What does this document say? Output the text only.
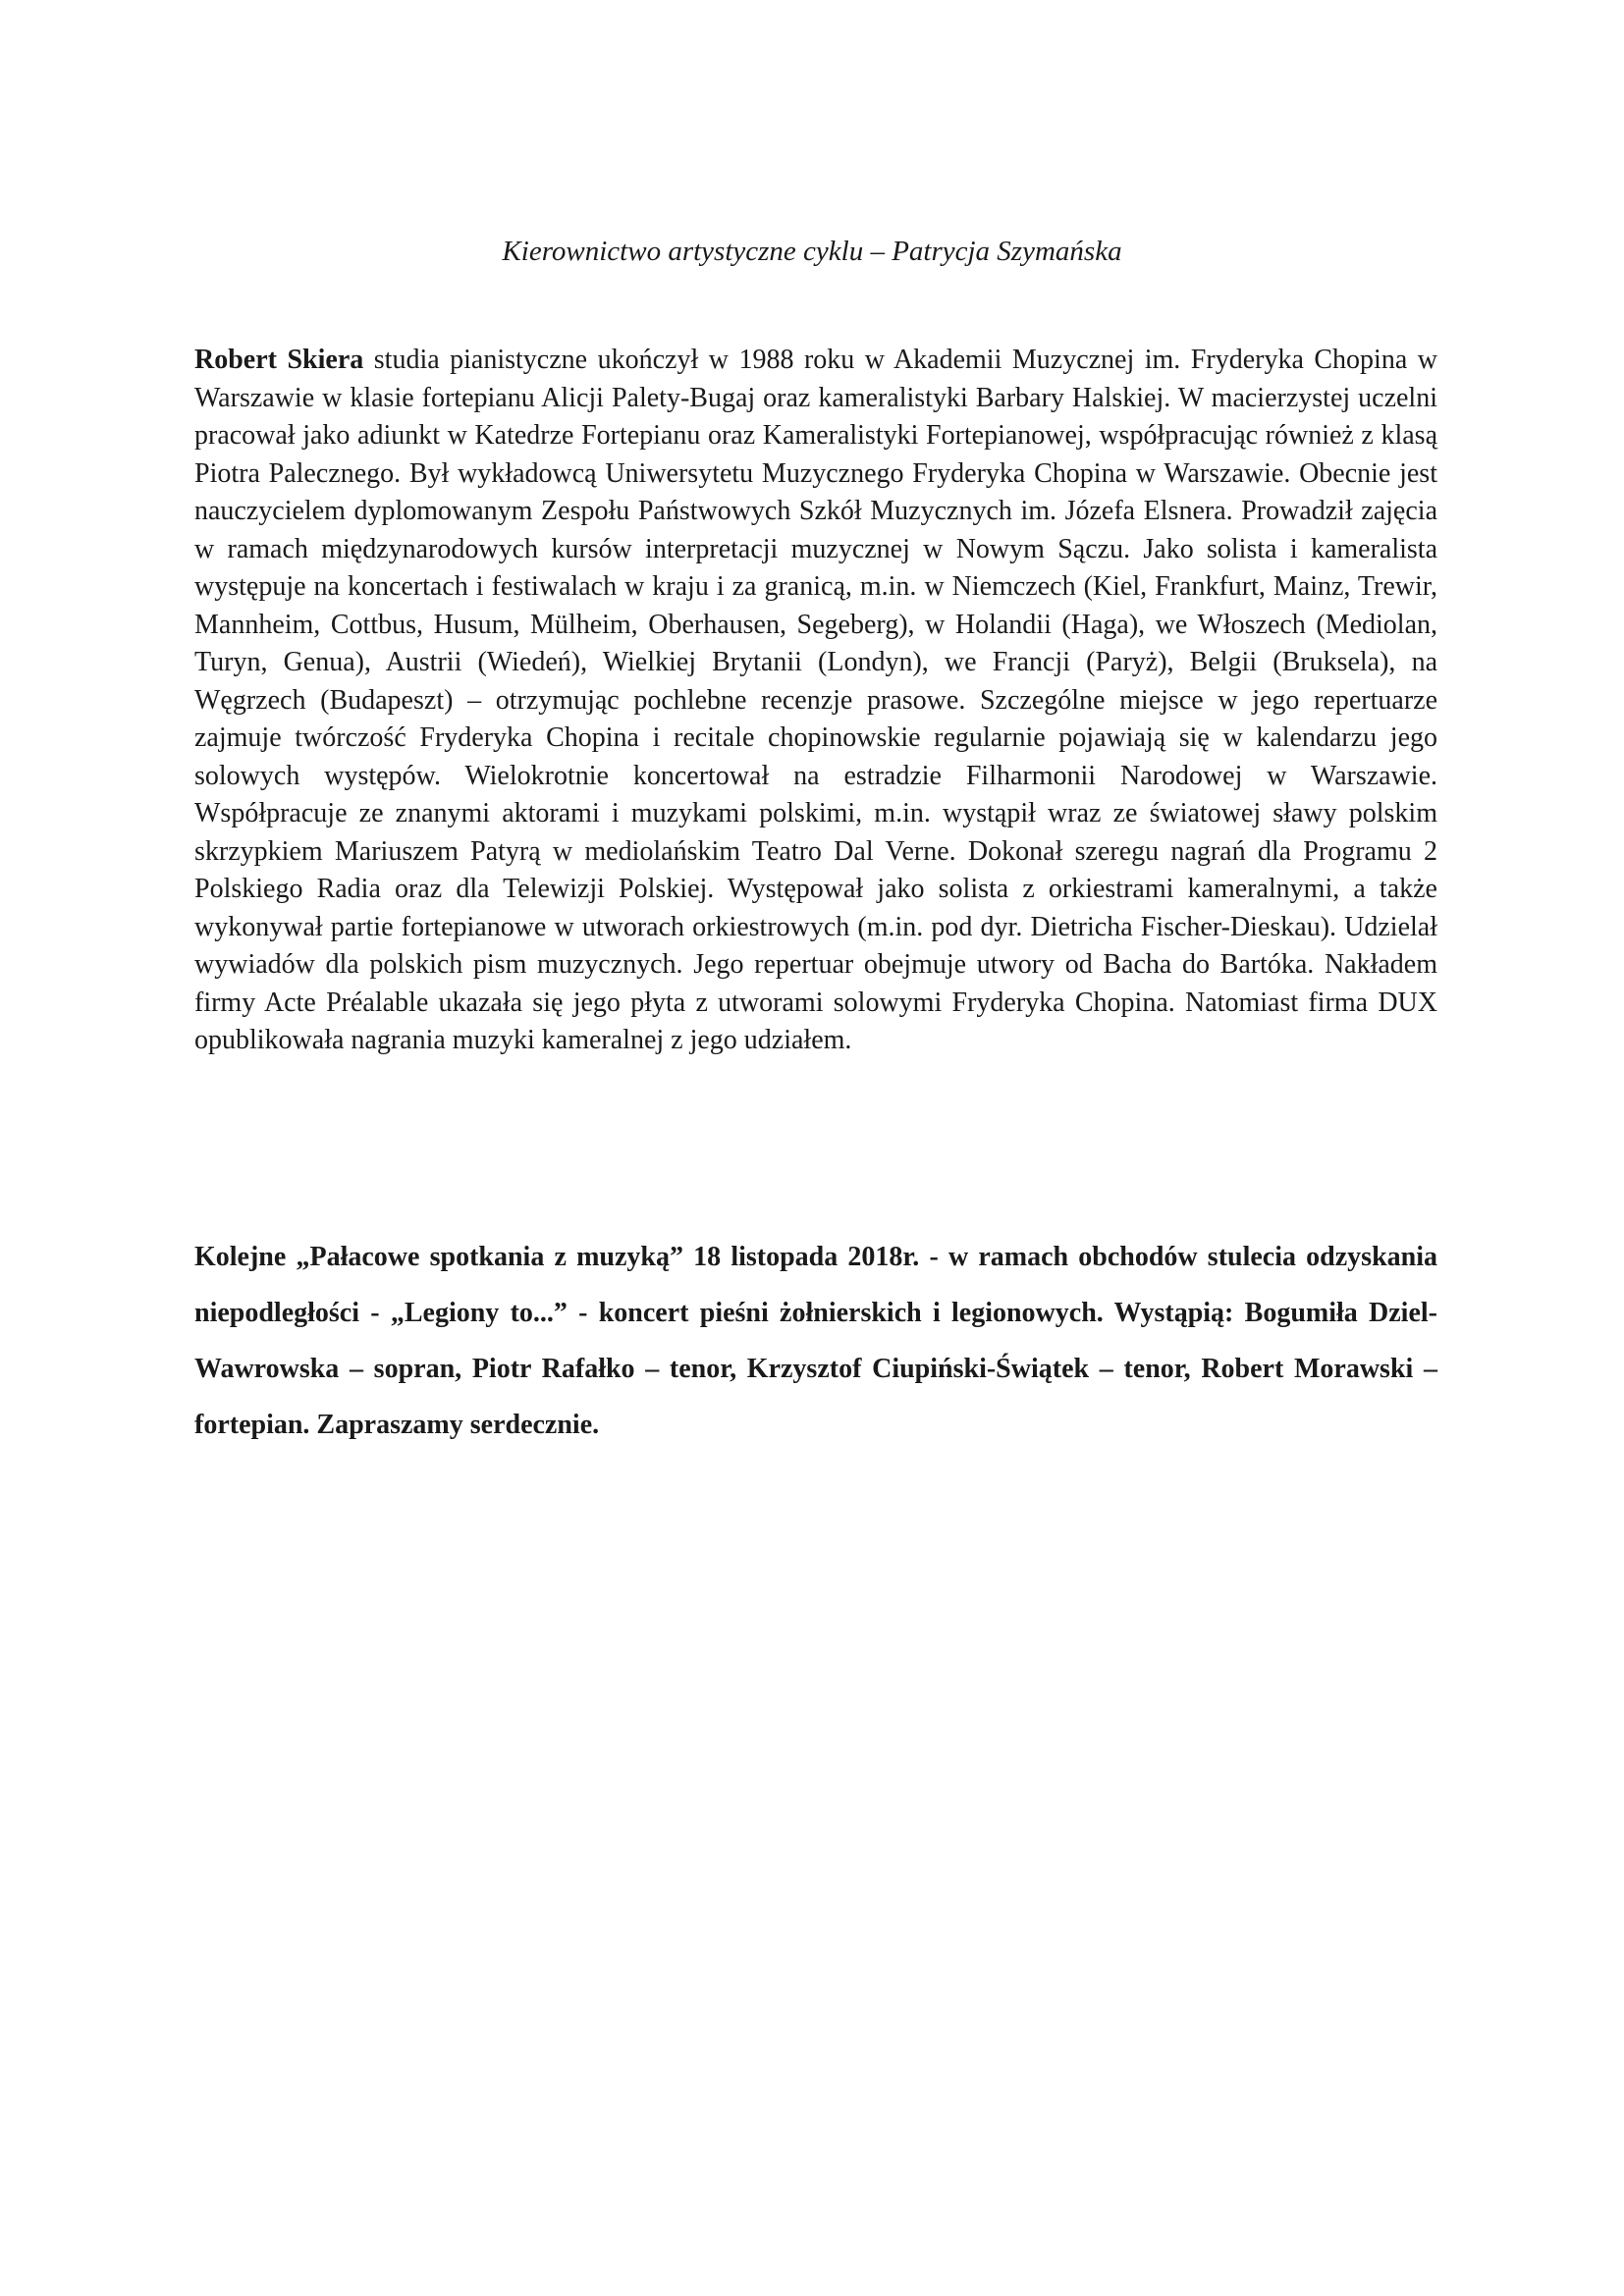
Kierownictwo artystyczne cyklu – Patrycja Szymańska

Robert Skiera studia pianistyczne ukończył w 1988 roku w Akademii Muzycznej im. Fryderyka Chopina w Warszawie w klasie fortepianu Alicji Palety-Bugaj oraz kameralistyki Barbary Halskiej. W macierzystej uczelni pracował jako adiunkt w Katedrze Fortepianu oraz Kameralistyki Fortepianowej, współpracując również z klasą Piotra Palecznego. Był wykładowcą Uniwersytetu Muzycznego Fryderyka Chopina w Warszawie. Obecnie jest nauczycielem dyplomowanym Zespołu Państwowych Szkół Muzycznych im. Józefa Elsnera. Prowadził zajęcia w ramach międzynarodowych kursów interpretacji muzycznej w Nowym Sączu. Jako solista i kameralista występuje na koncertach i festiwalach w kraju i za granicą, m.in. w Niemczech (Kiel, Frankfurt, Mainz, Trewir, Mannheim, Cottbus, Husum, Mülheim, Oberhausen, Segeberg), w Holandii (Haga), we Włoszech (Mediolan, Turyn, Genua), Austrii (Wiedeń), Wielkiej Brytanii (Londyn), we Francji (Paryż), Belgii (Bruksela), na Węgrzech (Budapeszt) – otrzymując pochlebne recenzje prasowe. Szczególne miejsce w jego repertuarze zajmuje twórczość Fryderyka Chopina i recitale chopinowskie regularnie pojawiają się w kalendarzu jego solowych występów. Wielokrotnie koncertował na estradzie Filharmonii Narodowej w Warszawie. Współpracuje ze znanymi aktorami i muzykami polskimi, m.in. wystąpił wraz ze światowej sławy polskim skrzypkiem Mariuszem Patyrą w mediolańskim Teatro Dal Verne. Dokonał szeregu nagrań dla Programu 2 Polskiego Radia oraz dla Telewizji Polskiej. Występował jako solista z orkiestrami kameralnymi, a także wykonywał partie fortepianowe w utworach orkiestrowych (m.in. pod dyr. Dietricha Fischer-Dieskau). Udzielał wywiadów dla polskich pism muzycznych. Jego repertuar obejmuje utwory od Bacha do Bartóka. Nakładem firmy Acte Préalable ukazała się jego płyta z utworami solowymi Fryderyka Chopina. Natomiast firma DUX opublikowała nagrania muzyki kameralnej z jego udziałem.

Kolejne „Pałacowe spotkania z muzyką” 18 listopada 2018r. - w ramach obchodów stulecia odzyskania niepodległości - „Legiony to...” - koncert pieśni żołnierskich i legionowych. Wystąpią: Bogumiła Dziel-Wawrowska – sopran, Piotr Rafałko – tenor, Krzysztof Ciupiński-Świątek – tenor, Robert Morawski – fortepian. Zapraszamy serdecznie.
